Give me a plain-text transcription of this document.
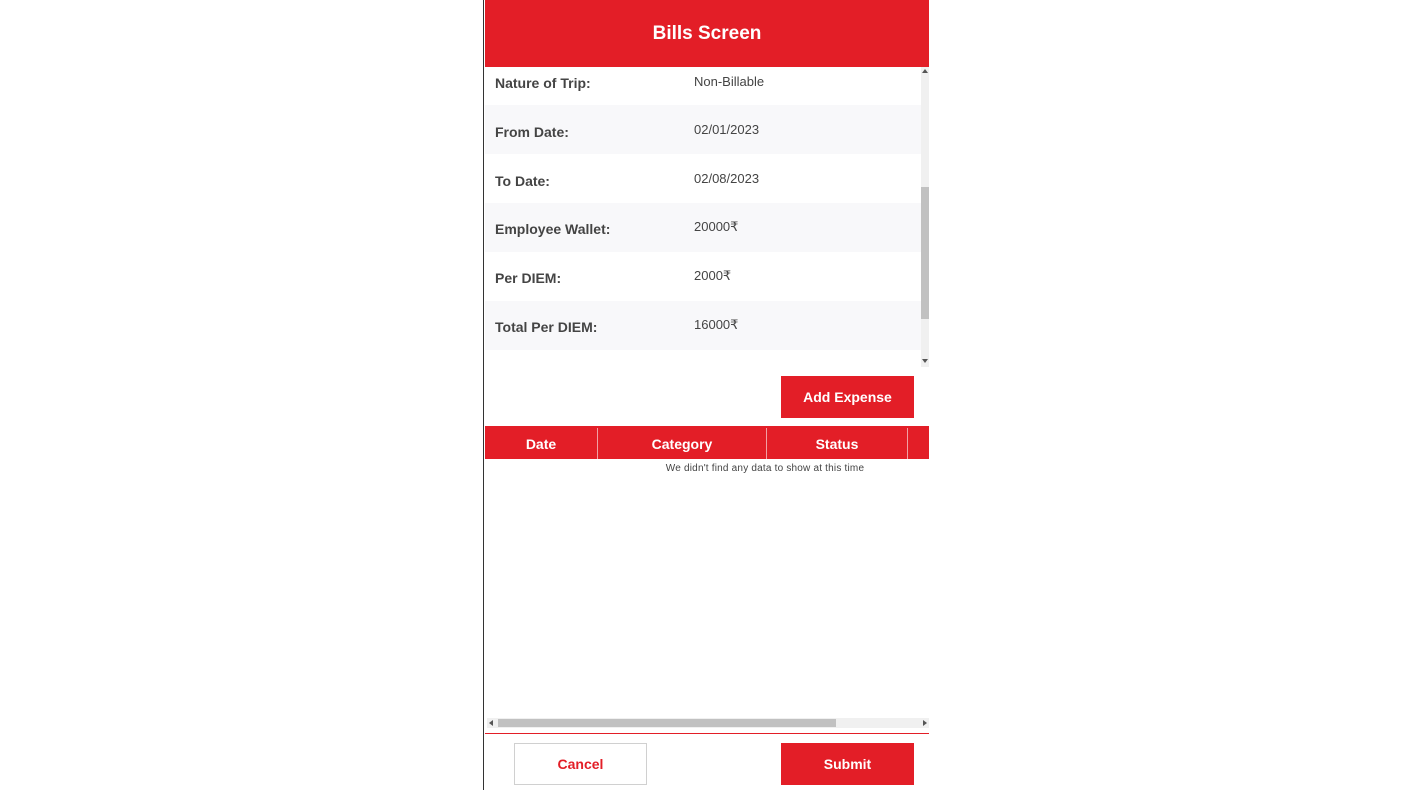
Bills Screen
Nature of Trip:	Non-Billable
From Date:	02/01/2023
To Date:	02/08/2023
Employee Wallet:	20000₹
Per DIEM:	2000₹
Total Per DIEM:	16000₹
Add Expense
Date	Category	Status
We didn't find any data to show at this time
Cancel	Submit
